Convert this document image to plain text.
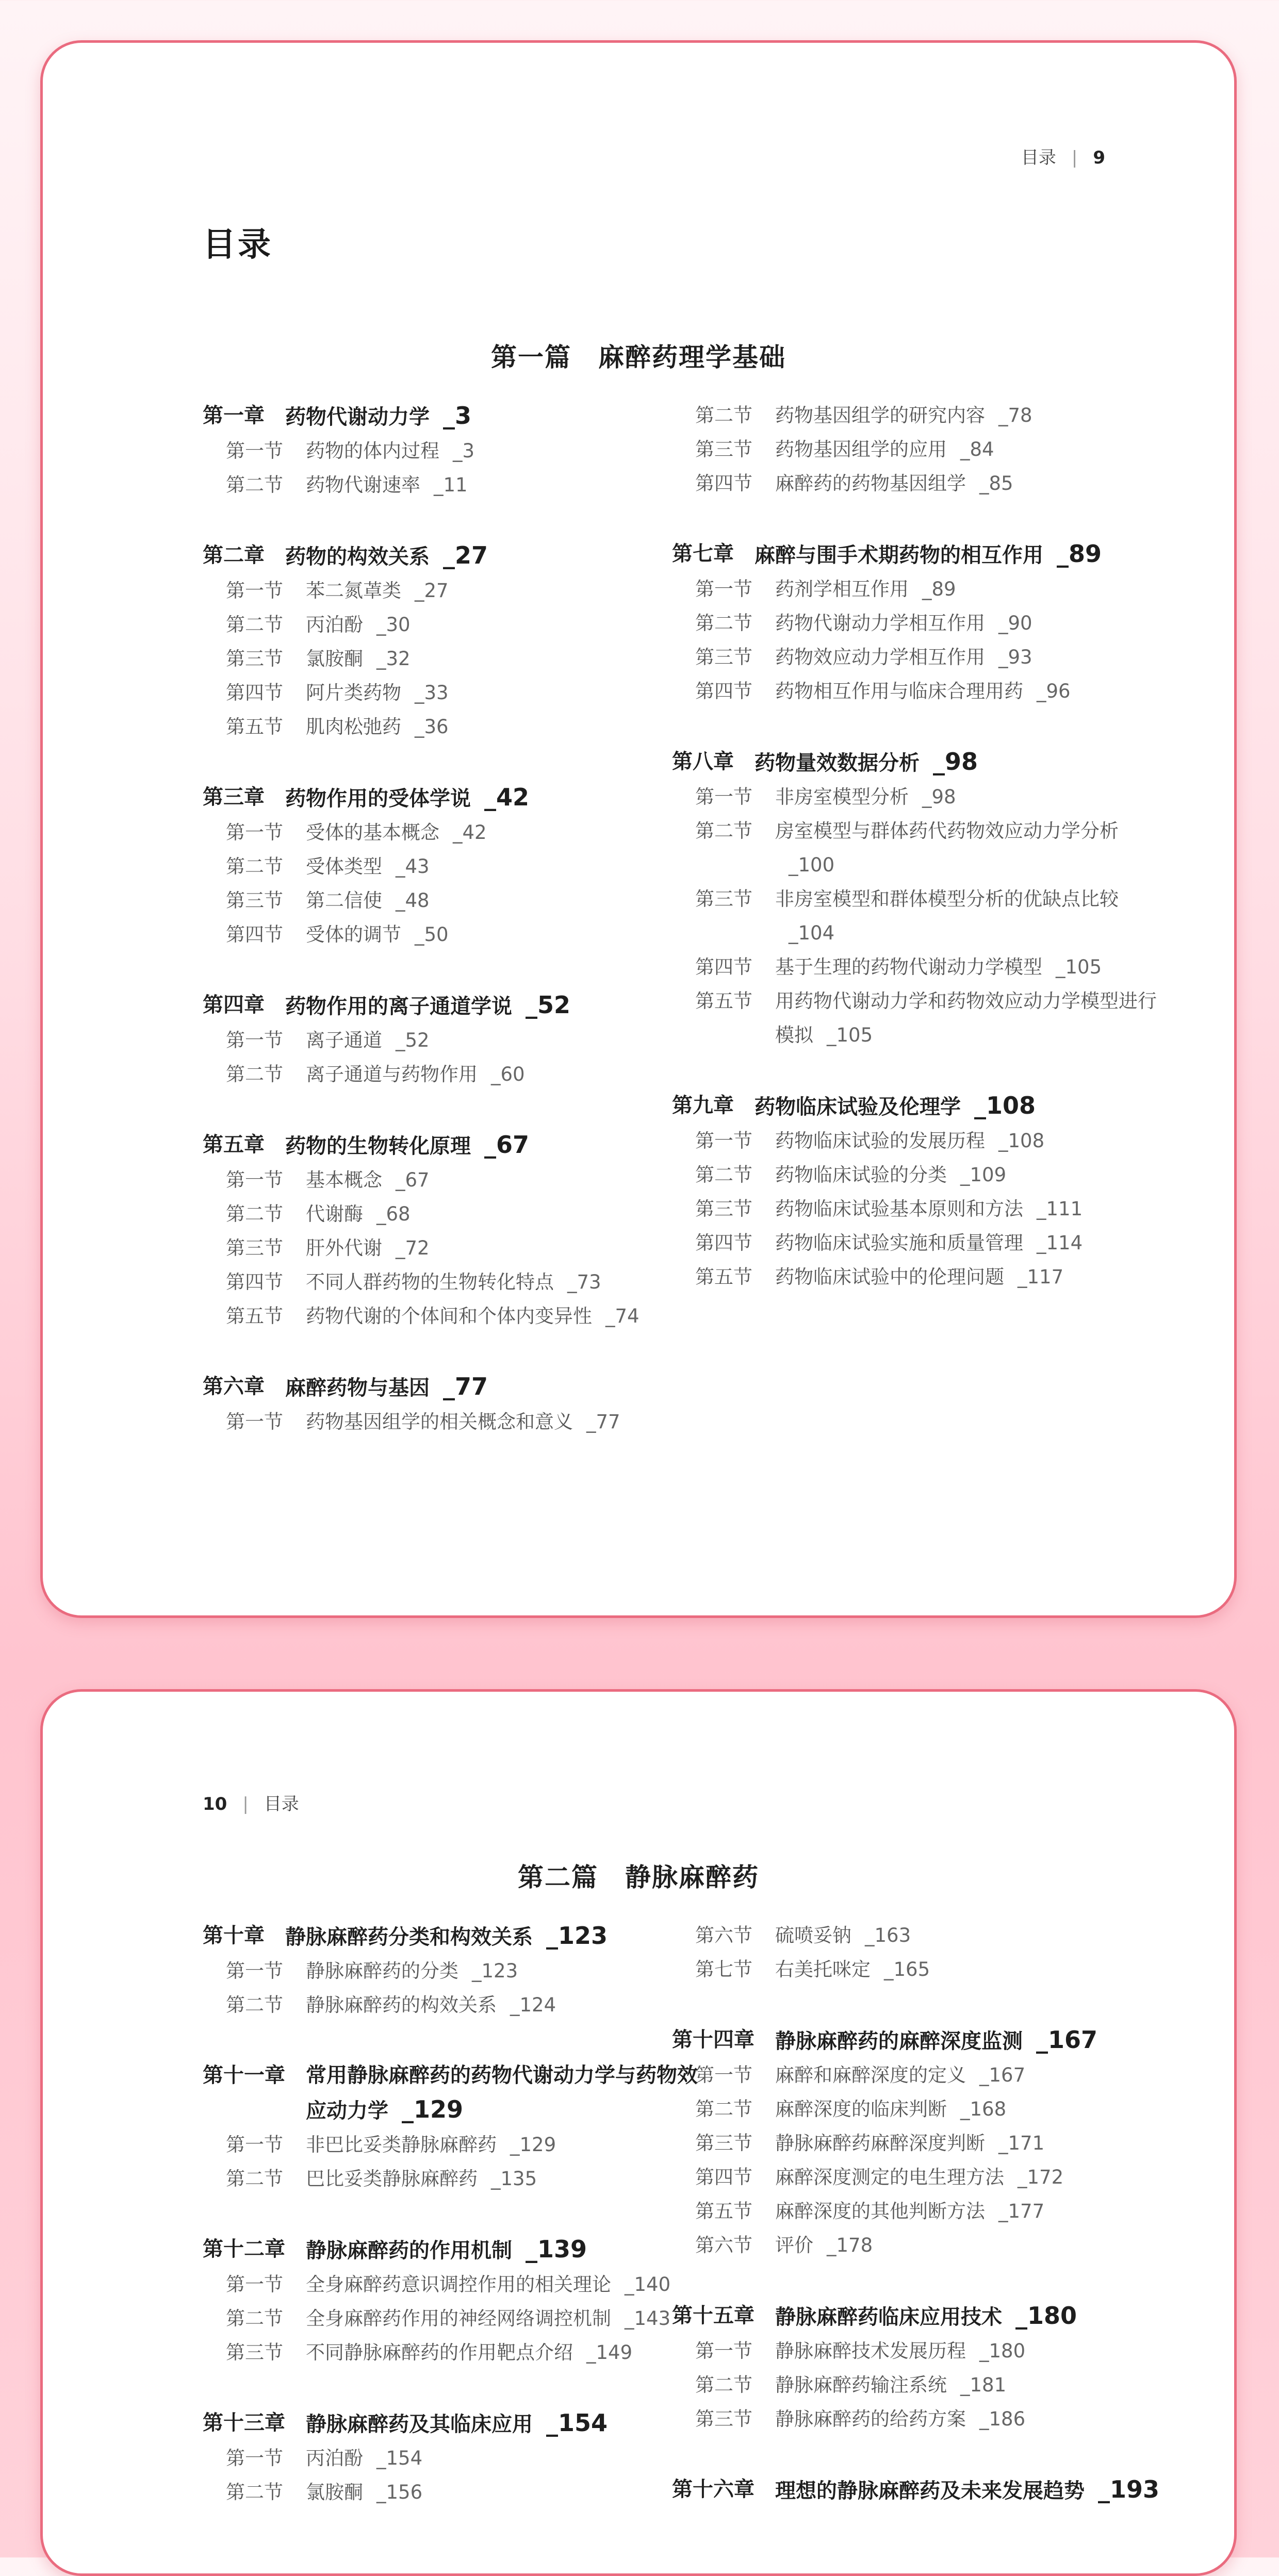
目录 | 9
目录
第一篇　麻醉药理学基础
第一章 药物代谢动力学 _3
第一节	药物的体内过程 _3
第二节	药物代谢速率 _11
第二章 药物的构效关系 _27
第一节	苯二氮䓬类 _27
第二节	丙泊酚 _30
第三节	氯胺酮 _32
第四节	阿片类药物 _33
第五节	肌肉松弛药 _36
第三章 药物作用的受体学说 _42
第一节	受体的基本概念 _42
第二节	受体类型 _43
第三节	第二信使 _48
第四节	受体的调节 _50
第四章 药物作用的离子通道学说 _52
第一节	离子通道 _52
第二节	离子通道与药物作用 _60
第五章 药物的生物转化原理 _67
第一节	基本概念 _67
第二节	代谢酶 _68
第三节	肝外代谢 _72
第四节	不同人群药物的生物转化特点 _73
第五节	药物代谢的个体间和个体内变异性 _74
第六章 麻醉药物与基因 _77
第一节	药物基因组学的相关概念和意义 _77
第二节	药物基因组学的研究内容 _78
第三节	药物基因组学的应用 _84
第四节	麻醉药的药物基因组学 _85
第七章 麻醉与围手术期药物的相互作用 _89
第一节	药剂学相互作用 _89
第二节	药物代谢动力学相互作用 _90
第三节	药物效应动力学相互作用 _93
第四节	药物相互作用与临床合理用药 _96
第八章 药物量效数据分析 _98
第一节	非房室模型分析 _98
第二节	房室模型与群体药代药物效应动力学分析_100
第三节	非房室模型和群体模型分析的优缺点比较_104
第四节	基于生理的药物代谢动力学模型 _105
第五节	用药物代谢动力学和药物效应动力学模型进行模拟 _105
第九章 药物临床试验及伦理学 _108
第一节	药物临床试验的发展历程 _108
第二节	药物临床试验的分类 _109
第三节	药物临床试验基本原则和方法 _111
第四节	药物临床试验实施和质量管理 _114
第五节	药物临床试验中的伦理问题 _117
10 | 目录
第二篇　静脉麻醉药
第十章 静脉麻醉药分类和构效关系 _123
第一节	静脉麻醉药的分类 _123
第二节	静脉麻醉药的构效关系 _124
第十一章 常用静脉麻醉药的药物代谢动力学与药物效应动力学 _129
第一节	非巴比妥类静脉麻醉药 _129
第二节	巴比妥类静脉麻醉药 _135
第十二章 静脉麻醉药的作用机制 _139
第一节	全身麻醉药意识调控作用的相关理论 _140
第二节	全身麻醉药作用的神经网络调控机制 _143
第三节	不同静脉麻醉药的作用靶点介绍 _149
第十三章 静脉麻醉药及其临床应用 _154
第一节	丙泊酚 _154
第二节	氯胺酮 _156
第六节	硫喷妥钠 _163
第七节	右美托咪定 _165
第十四章 静脉麻醉药的麻醉深度监测 _167
第一节	麻醉和麻醉深度的定义 _167
第二节	麻醉深度的临床判断 _168
第三节	静脉麻醉药麻醉深度判断 _171
第四节	麻醉深度测定的电生理方法 _172
第五节	麻醉深度的其他判断方法 _177
第六节	评价 _178
第十五章 静脉麻醉药临床应用技术 _180
第一节	静脉麻醉技术发展历程 _180
第二节	静脉麻醉药输注系统 _181
第三节	静脉麻醉药的给药方案 _186
第十六章 理想的静脉麻醉药及未来发展趋势 _193
